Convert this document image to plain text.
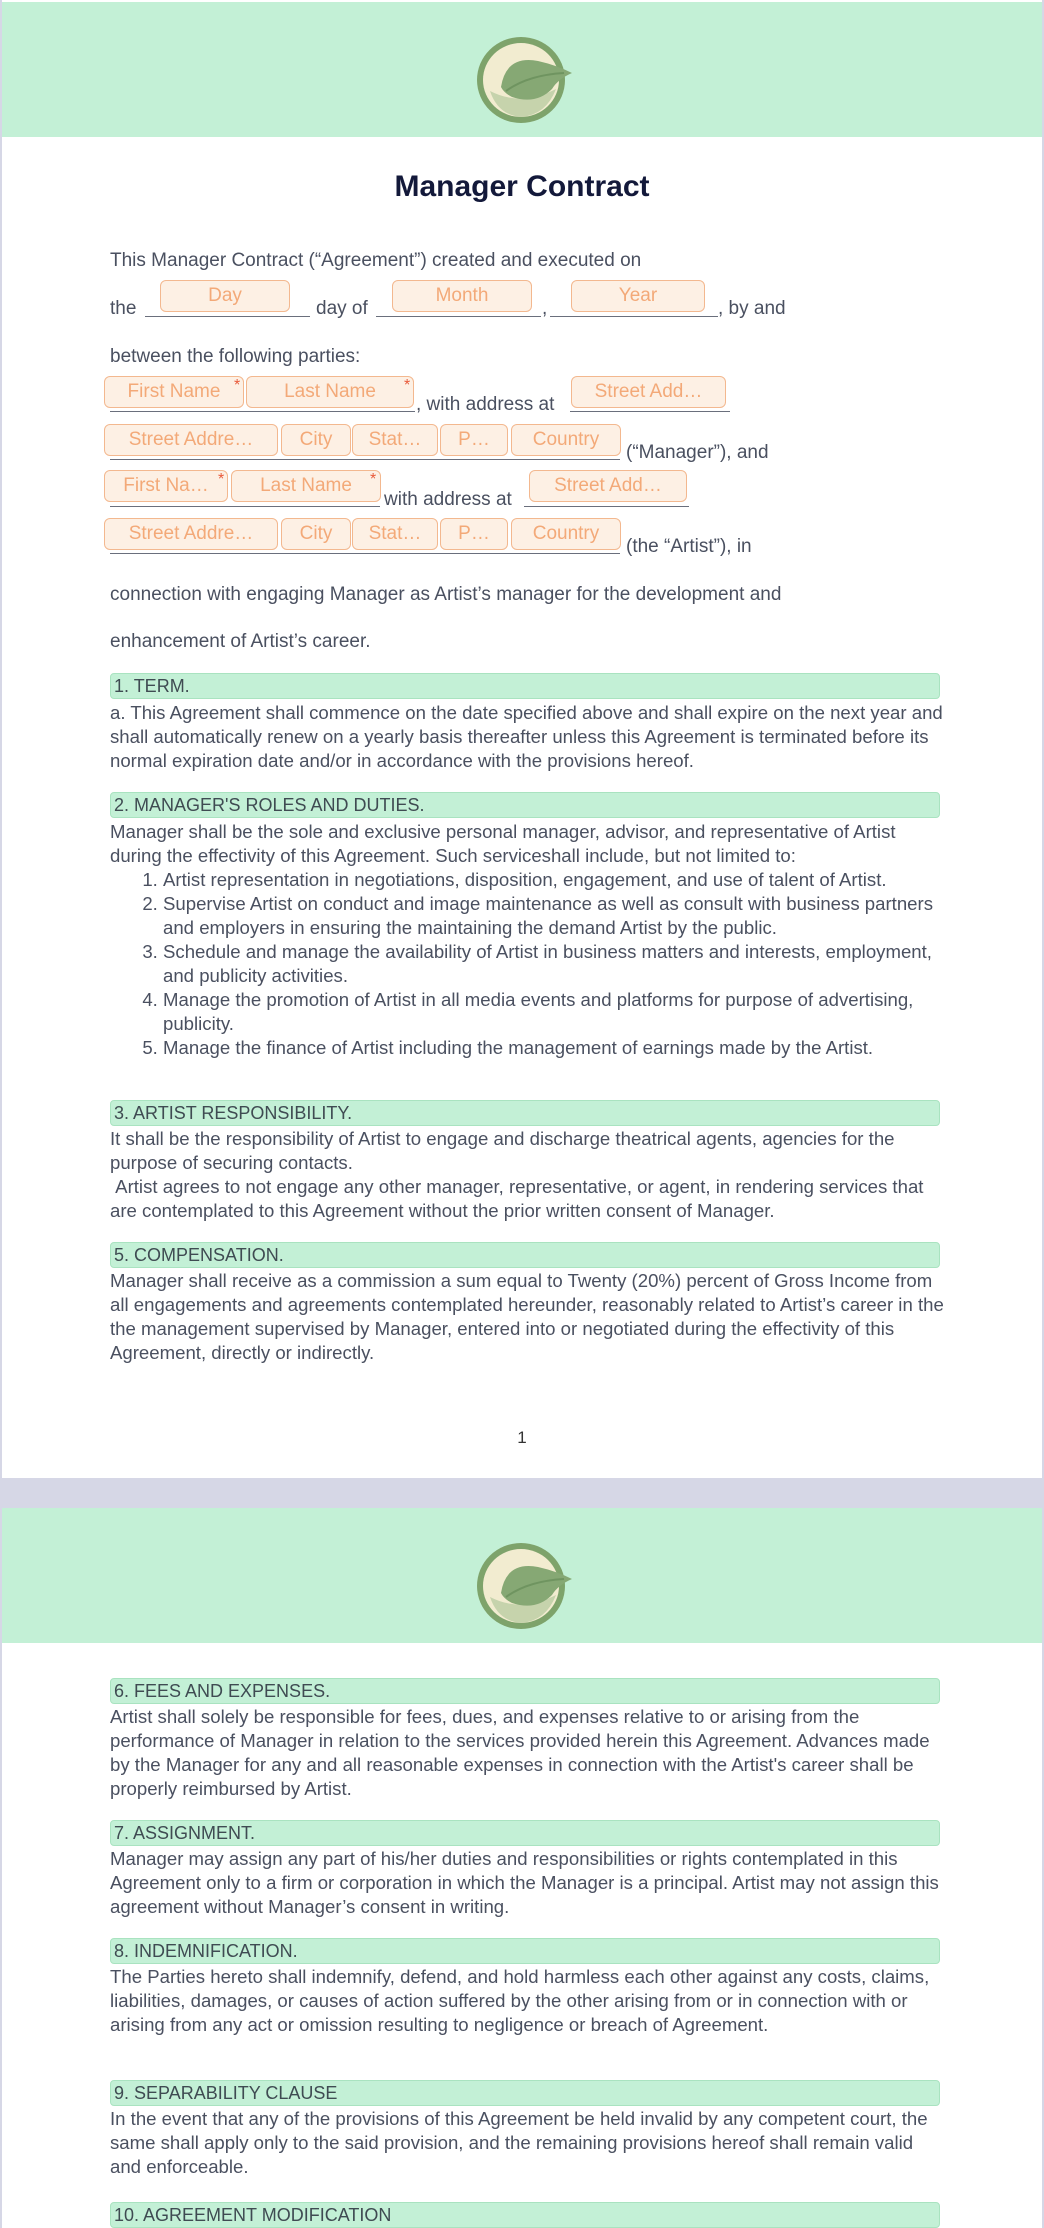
Manager Contract
This Manager Contract (“Agreement”) created and executed on
the
Day
day of
Month
,
Year
, by and
between the following parties:
First Name *	Last Name	*
, with address at
Street Add…
Street Addre…	City	Stat…	P…	Country
(“Manager”), and
First Na… *	Last Name	*
with address at
Street Add…
Street Addre…	City	Stat…	P…	Country
(the “Artist”), in
connection with engaging Manager as Artist’s manager for the development and
enhancement of Artist’s career.
1. TERM.

a. This Agreement shall commence on the date specified above and shall expire on the next year and shall automatically renew on a yearly basis thereafter unless this Agreement is terminated before its normal expiration date and/or in accordance with the provisions hereof.

2. MANAGER'S ROLES AND DUTIES.

Manager shall be the sole and exclusive personal manager, advisor, and representative of Artist during the effectivity of this Agreement. Such serviceshall include, but not limited to:

1. Artist representation in negotiations, disposition, engagement, and use of talent of Artist.
2. Supervise Artist on conduct and image maintenance as well as consult with business partners and employers in ensuring the maintaining the demand Artist by the public.
3. Schedule and manage the availability of Artist in business matters and interests, employment, and publicity activities.
4. Manage the promotion of Artist in all media events and platforms for purpose of advertising, publicity.
5. Manage the finance of Artist including the management of earnings made by the Artist.
3. ARTIST RESPONSIBILITY.

It shall be the responsibility of Artist to engage and discharge theatrical agents, agencies for the purpose of securing contacts.

Artist agrees to not engage any other manager, representative, or agent, in rendering services that are contemplated to this Agreement without the prior written consent of Manager.

5. COMPENSATION.

Manager shall receive as a commission a sum equal to Twenty (20%) percent of Gross Income from all engagements and agreements contemplated hereunder, reasonably related to Artist’s career in the the management supervised by Manager, entered into or negotiated during the effectivity of this Agreement, directly or indirectly.

1
6. FEES AND EXPENSES.

Artist shall solely be responsible for fees, dues, and expenses relative to or arising from the performance of Manager in relation to the services provided herein this Agreement. Advances made by the Manager for any and all reasonable expenses in connection with the Artist's career shall be properly reimbursed by Artist.

7. ASSIGNMENT.

Manager may assign any part of his/her duties and responsibilities or rights contemplated in this Agreement only to a firm or corporation in which the Manager is a principal. Artist may not assign this agreement without Manager’s consent in writing.

8. INDEMNIFICATION.

The Parties hereto shall indemnify, defend, and hold harmless each other against any costs, claims, liabilities, damages, or causes of action suffered by the other arising from or in connection with or arising from any act or omission resulting to negligence or breach of Agreement.

9. SEPARABILITY CLAUSE

In the event that any of the provisions of this Agreement be held invalid by any competent court, the same shall apply only to the said provision, and the remaining provisions hereof shall remain valid and enforceable.

10. AGREEMENT MODIFICATION
